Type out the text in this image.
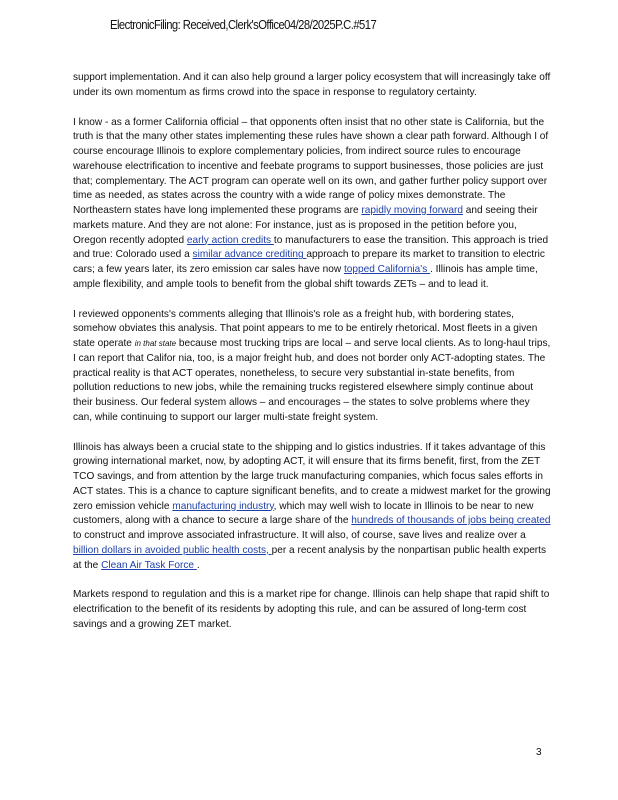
ElectronicFiling: Received,Clerk'sOffice04/28/2025P.C.#517

support implementation. And it can also help ground a larger policy ecosystem that will increasingly take off under its own momentum as firms crowd into the space in response to regulatory certainty.

I know - as a former California official – that opponents often insist that no other state is California, but the truth is that the many other states implementing these rules have shown a clear path forward. Although I of course encourage Illinois to explore complementary policies, from indirect source rules to encourage warehouse electrification to incentive and feebate programs to support businesses, those policies are just that; complementary. The ACT program can operate well on its own, and gather further policy support over time as needed, as states across the country with a wide range of policy mixes demonstrate. The Northeastern states have long implemented these programs are rapidly moving forward and seeing their markets mature. And they are not alone: For instance, just as is proposed in the petition before you, Oregon recently adopted early action credits to manufacturers to ease the transition. This approach is tried and true: Colorado used a similar advance crediting approach to prepare its market to transition to electric cars; a few years later, its zero emission car sales have now topped California's . Illinois has ample time, ample flexibility, and ample tools to benefit from the global shift towards ZETs – and to lead it.

I reviewed opponents's comments alleging that Illinois's role as a freight hub, with bordering states, somehow obviates this analysis. That point appears to me to be entirely rhetorical. Most fleets in a given state operate in that state because most trucking trips are local – and serve local clients. As to long-haul trips, I can report that Califor nia, too, is a major freight hub, and does not border only ACT-adopting states. The practical reality is that ACT operates, nonetheless, to secure very substantial in-state benefits, from pollution reductions to new jobs, while the remaining trucks registered elsewhere simply continue about their business. Our federal system allows – and encourages – the states to solve problems where they can, while continuing to support our larger multi-state freight system.

Illinois has always been a crucial state to the shipping and lo gistics industries. If it takes advantage of this growing international market, now, by adopting ACT, it will ensure that its firms benefit, first, from the ZET TCO savings, and from attention by the large truck manufacturing companies, which focus sales efforts in ACT states. This is a chance to capture significant benefits, and to create a midwest market for the growing zero emission vehicle manufacturing industry, which may well wish to locate in Illinois to be near to new customers, along with a chance to secure a large share of the hundreds of thousands of jobs being created to construct and improve associated infrastructure. It will also, of course, save lives and realize over a billion dollars in avoided public health costs, per a recent analysis by the nonpartisan public health experts at the Clean Air Task Force .

Markets respond to regulation and this is a market ripe for change. Illinois can help shape that rapid shift to electrification to the benefit of its residents by adopting this rule, and can be assured of long-term cost savings and a growing ZET market.

3
